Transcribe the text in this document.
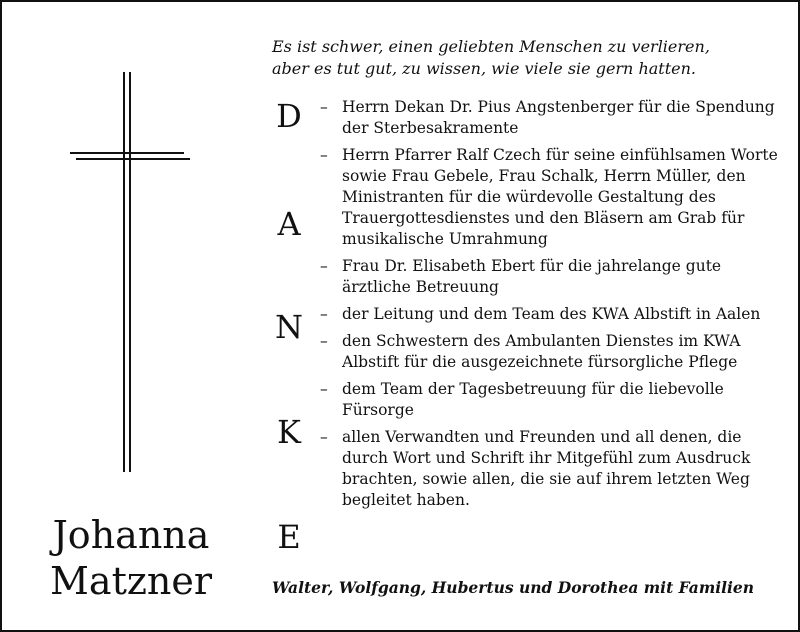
Es ist schwer, einen geliebten Menschen zu verlieren,
aber es tut gut, zu wissen, wie viele sie gern hatten.
Johanna
Matzner
D
A
N
K
E
– Herrn Dekan Dr. Pius Angstenberger für die Spendung der Sterbesakramente
– Herrn Pfarrer Ralf Czech für seine einfühlsamen Worte sowie Frau Gebele, Frau Schalk, Herrn Müller, den Ministranten für die würdevolle Gestaltung des Trauergottesdienstes und den Bläsern am Grab für musikalische Umrahmung
– Frau Dr. Elisabeth Ebert für die jahrelange gute ärztliche Betreuung
– der Leitung und dem Team des KWA Albstift in Aalen
– den Schwestern des Ambulanten Dienstes im KWA Albstift für die ausgezeichnete fürsorgliche Pflege
– dem Team der Tagesbetreuung für die liebevolle Fürsorge
– allen Verwandten und Freunden und all denen, die durch Wort und Schrift ihr Mitgefühl zum Ausdruck brachten, sowie allen, die sie auf ihrem letzten Weg begleitet haben.
Walter, Wolfgang, Hubertus und Dorothea mit Familien
